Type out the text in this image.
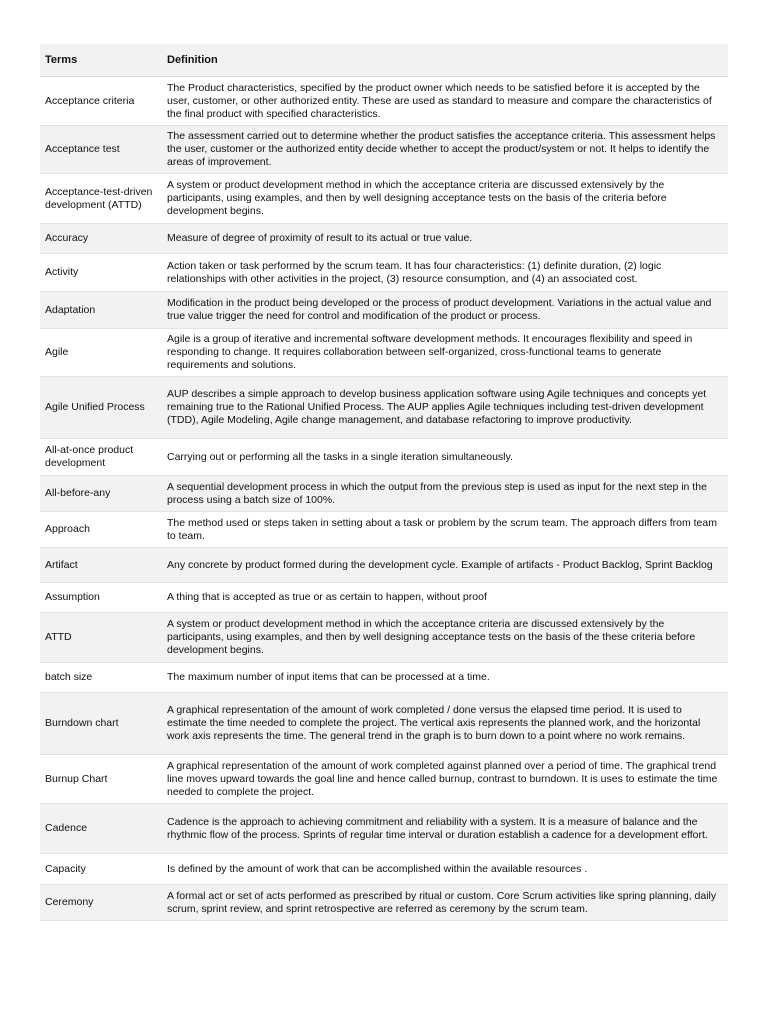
Terms	Definition
Acceptance criteria	The Product characteristics, specified by the product owner which needs to be satisfied before it is accepted by the user, customer, or other authorized entity. These are used as standard to measure and compare the characteristics of the final product with specified characteristics.
Acceptance test	The assessment carried out to determine whether the product satisfies the acceptance criteria. This assessment helps the user, customer or the authorized entity decide whether to accept the product/system or not. It helps to identify the areas of improvement.
Acceptance-test-driven development (ATTD)	A system or product development method in which the acceptance criteria are discussed extensively by the participants, using examples, and then by well designing acceptance tests on the basis of the criteria before development begins.
Accuracy	Measure of degree of proximity of result to its actual or true value.
Activity	Action taken or task performed by the scrum team. It has four characteristics: (1) definite duration, (2) logic relationships with other activities in the project, (3) resource consumption, and (4) an associated cost.
Adaptation	Modification in the product being developed or the process of product development. Variations in the actual value and true value trigger the need for control and modification of the product or process.
Agile	Agile is a group of iterative and incremental software development methods. It encourages flexibility and speed in responding to change. It requires collaboration between self-organized, cross-functional teams to generate requirements and solutions.
Agile Unified Process	AUP describes a simple approach to develop business application software using Agile techniques and concepts yet remaining true to the Rational Unified Process. The AUP applies Agile techniques including test-driven development (TDD), Agile Modeling, Agile change management, and database refactoring to improve productivity.
All-at-once product development	Carrying out or performing all the tasks in a single iteration simultaneously.
All-before-any	A sequential development process in which the output from the previous step is used as input for the next step in the process using a batch size of 100%.
Approach	The method used or steps taken in setting about a task or problem by the scrum team. The approach differs from team to team.
Artifact	Any concrete by product formed during the development cycle. Example of artifacts - Product Backlog, Sprint Backlog
Assumption	A thing that is accepted as true or as certain to happen, without proof
ATTD	A system or product development method in which the acceptance criteria are discussed extensively by the participants, using examples, and then by well designing acceptance tests on the basis of the these criteria before development begins.
batch size	The maximum number of input items that can be processed at a time.
Burndown chart	A graphical representation of the amount of work completed / done versus the elapsed time period. It is used to estimate the time needed to complete the project. The vertical axis represents the planned work, and the horizontal work axis represents the time. The general trend in the graph is to burn down to a point where no work remains.
Burnup Chart	A graphical representation of the amount of work completed against planned over a period of time. The graphical trend line moves upward towards the goal line and hence called burnup, contrast to burndown. It is uses to estimate the time needed to complete the project.
Cadence	Cadence is the approach to achieving commitment and reliability with a system. It is a measure of balance and the rhythmic flow of the process. Sprints of regular time interval or duration establish a cadence for a development effort.
Capacity	Is defined by the amount of work that can be accomplished within the available resources .
Ceremony	A formal act or set of acts performed as prescribed by ritual or custom. Core Scrum activities like spring planning, daily scrum, sprint review, and sprint retrospective are referred as ceremony by the scrum team.
